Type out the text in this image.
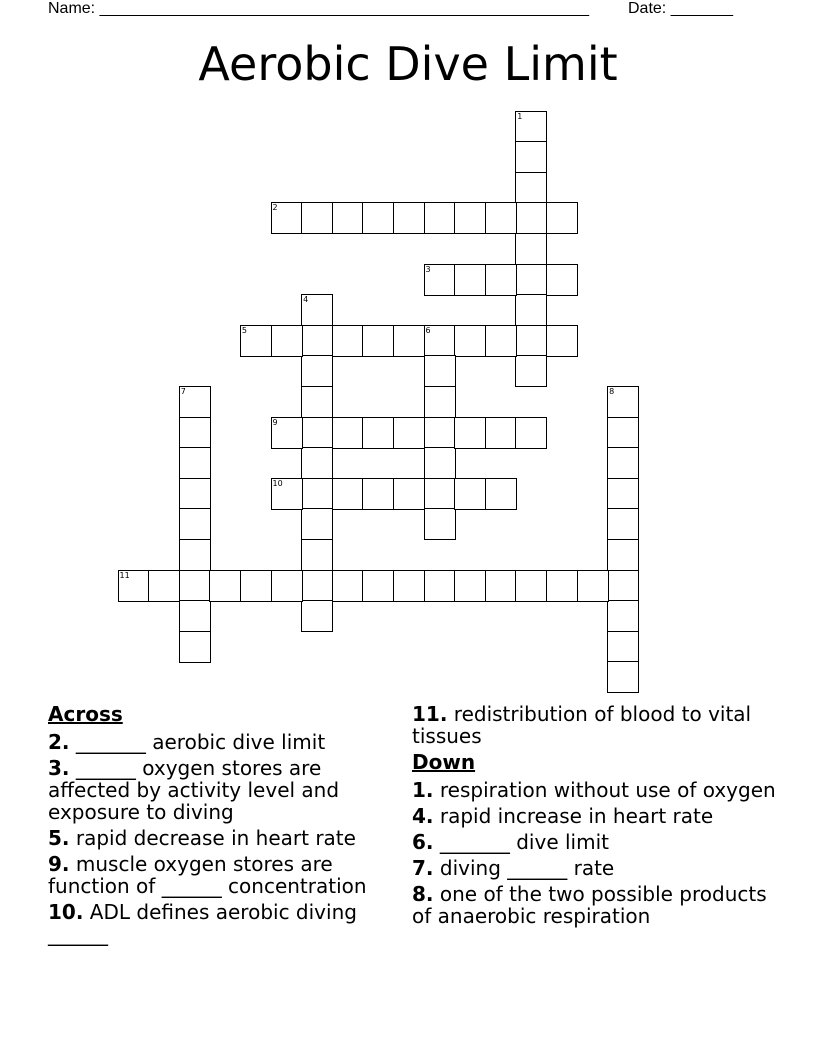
Name: _______________________________________________________ Date: _______
Aerobic Dive Limit
1
2
3
4
5	6
7	8
9
10
11
Across
2. _______ aerobic dive limit
3. ______ oxygen stores are affected by activity level and exposure to diving
5. rapid decrease in heart rate
9. muscle oxygen stores are function of ______ concentration
10. ADL defines aerobic diving ______
11. redistribution of blood to vital tissues
Down
1. respiration without use of oxygen
4. rapid increase in heart rate
6. _______ dive limit
7. diving ______ rate
8. one of the two possible products of anaerobic respiration
